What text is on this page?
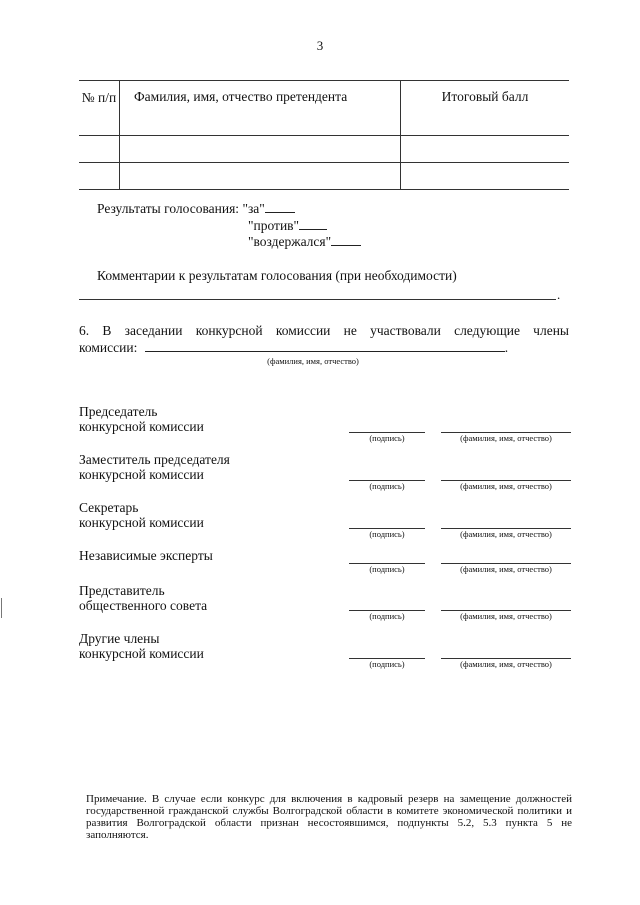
3
№ п/п	Фамилия, имя, отчество претендента	Итоговый балл

Результаты голосования: "за"
"против"
"воздержался"
Комментарии к результатам голосования (при необходимости)
.
6. В заседании конкурсной комиссии не участвовали следующие члены
комиссии:	.
(фамилия, имя, отчество)
Председатель
конкурсной комиссии
(подпись)	(фамилия, имя, отчество)
Заместитель председателя
конкурсной комиссии
(подпись)	(фамилия, имя, отчество)
Секретарь
конкурсной комиссии
(подпись)	(фамилия, имя, отчество)
Независимые эксперты
(подпись)	(фамилия, имя, отчество)
Представитель
общественного совета
(подпись)	(фамилия, имя, отчество)
Другие члены
конкурсной комиссии
(подпись)	(фамилия, имя, отчество)
Примечание. В случае если конкурс для включения в кадровый резерв на замещение должностей государственной гражданской службы Волгоградской области в комитете экономической политики и развития Волгоградской области признан несостоявшимся, подпункты 5.2, 5.3 пункта 5 не заполняются.
